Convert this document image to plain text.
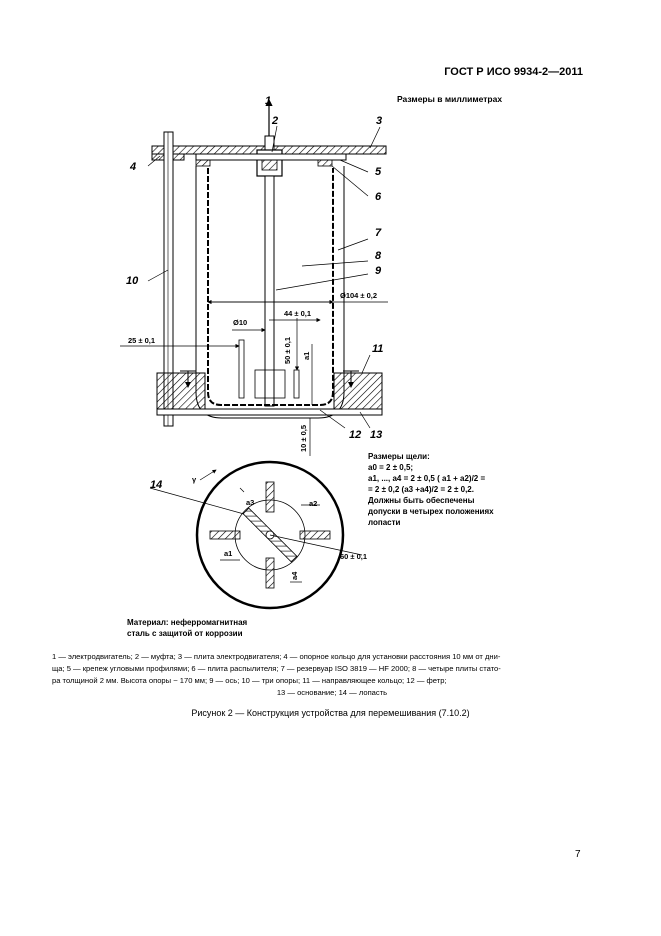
ГОСТ Р ИСО 9934-2—2011
Размеры в миллиметрах
1
2	3
4	5
6
7
8
9
10
11
12 13
14
Ø104 ± 0,2
44 ± 0,1
Ø10
25 ± 0,1	50 ± 0,1 a1
10 ± 0,5
60 ± 0,1
γ
a1
a2
a3
a4
Размеры щели:
a0 = 2 ± 0,5;
a1, ..., a4 = 2 ± 0,5 ( a1 + a2)/2 =
= 2 ± 0,2 (a3 +a4)/2 = 2 ± 0,2.
Должны быть обеспечены
допуски в четырех положениях
лопасти
Материал: неферромагнитная
сталь с защитой от коррозии
1 — электродвигатель; 2 — муфта; 3 — плита электродвигателя; 4 — опорное кольцо для установки расстояния 10 мм от дни-
ща; 5 — крепеж угловыми профилями; 6 — плита распылителя; 7 — резервуар ISO 3819 — HF 2000; 8 — четыре плиты стато-
ра толщиной 2 мм. Высота опоры ~ 170 мм; 9 — ось; 10 — три опоры; 11 — направляющее кольцо; 12 — фетр;
13 — основание; 14 — лопасть
Рисунок 2 — Конструкция устройства для перемешивания (7.10.2)
7
